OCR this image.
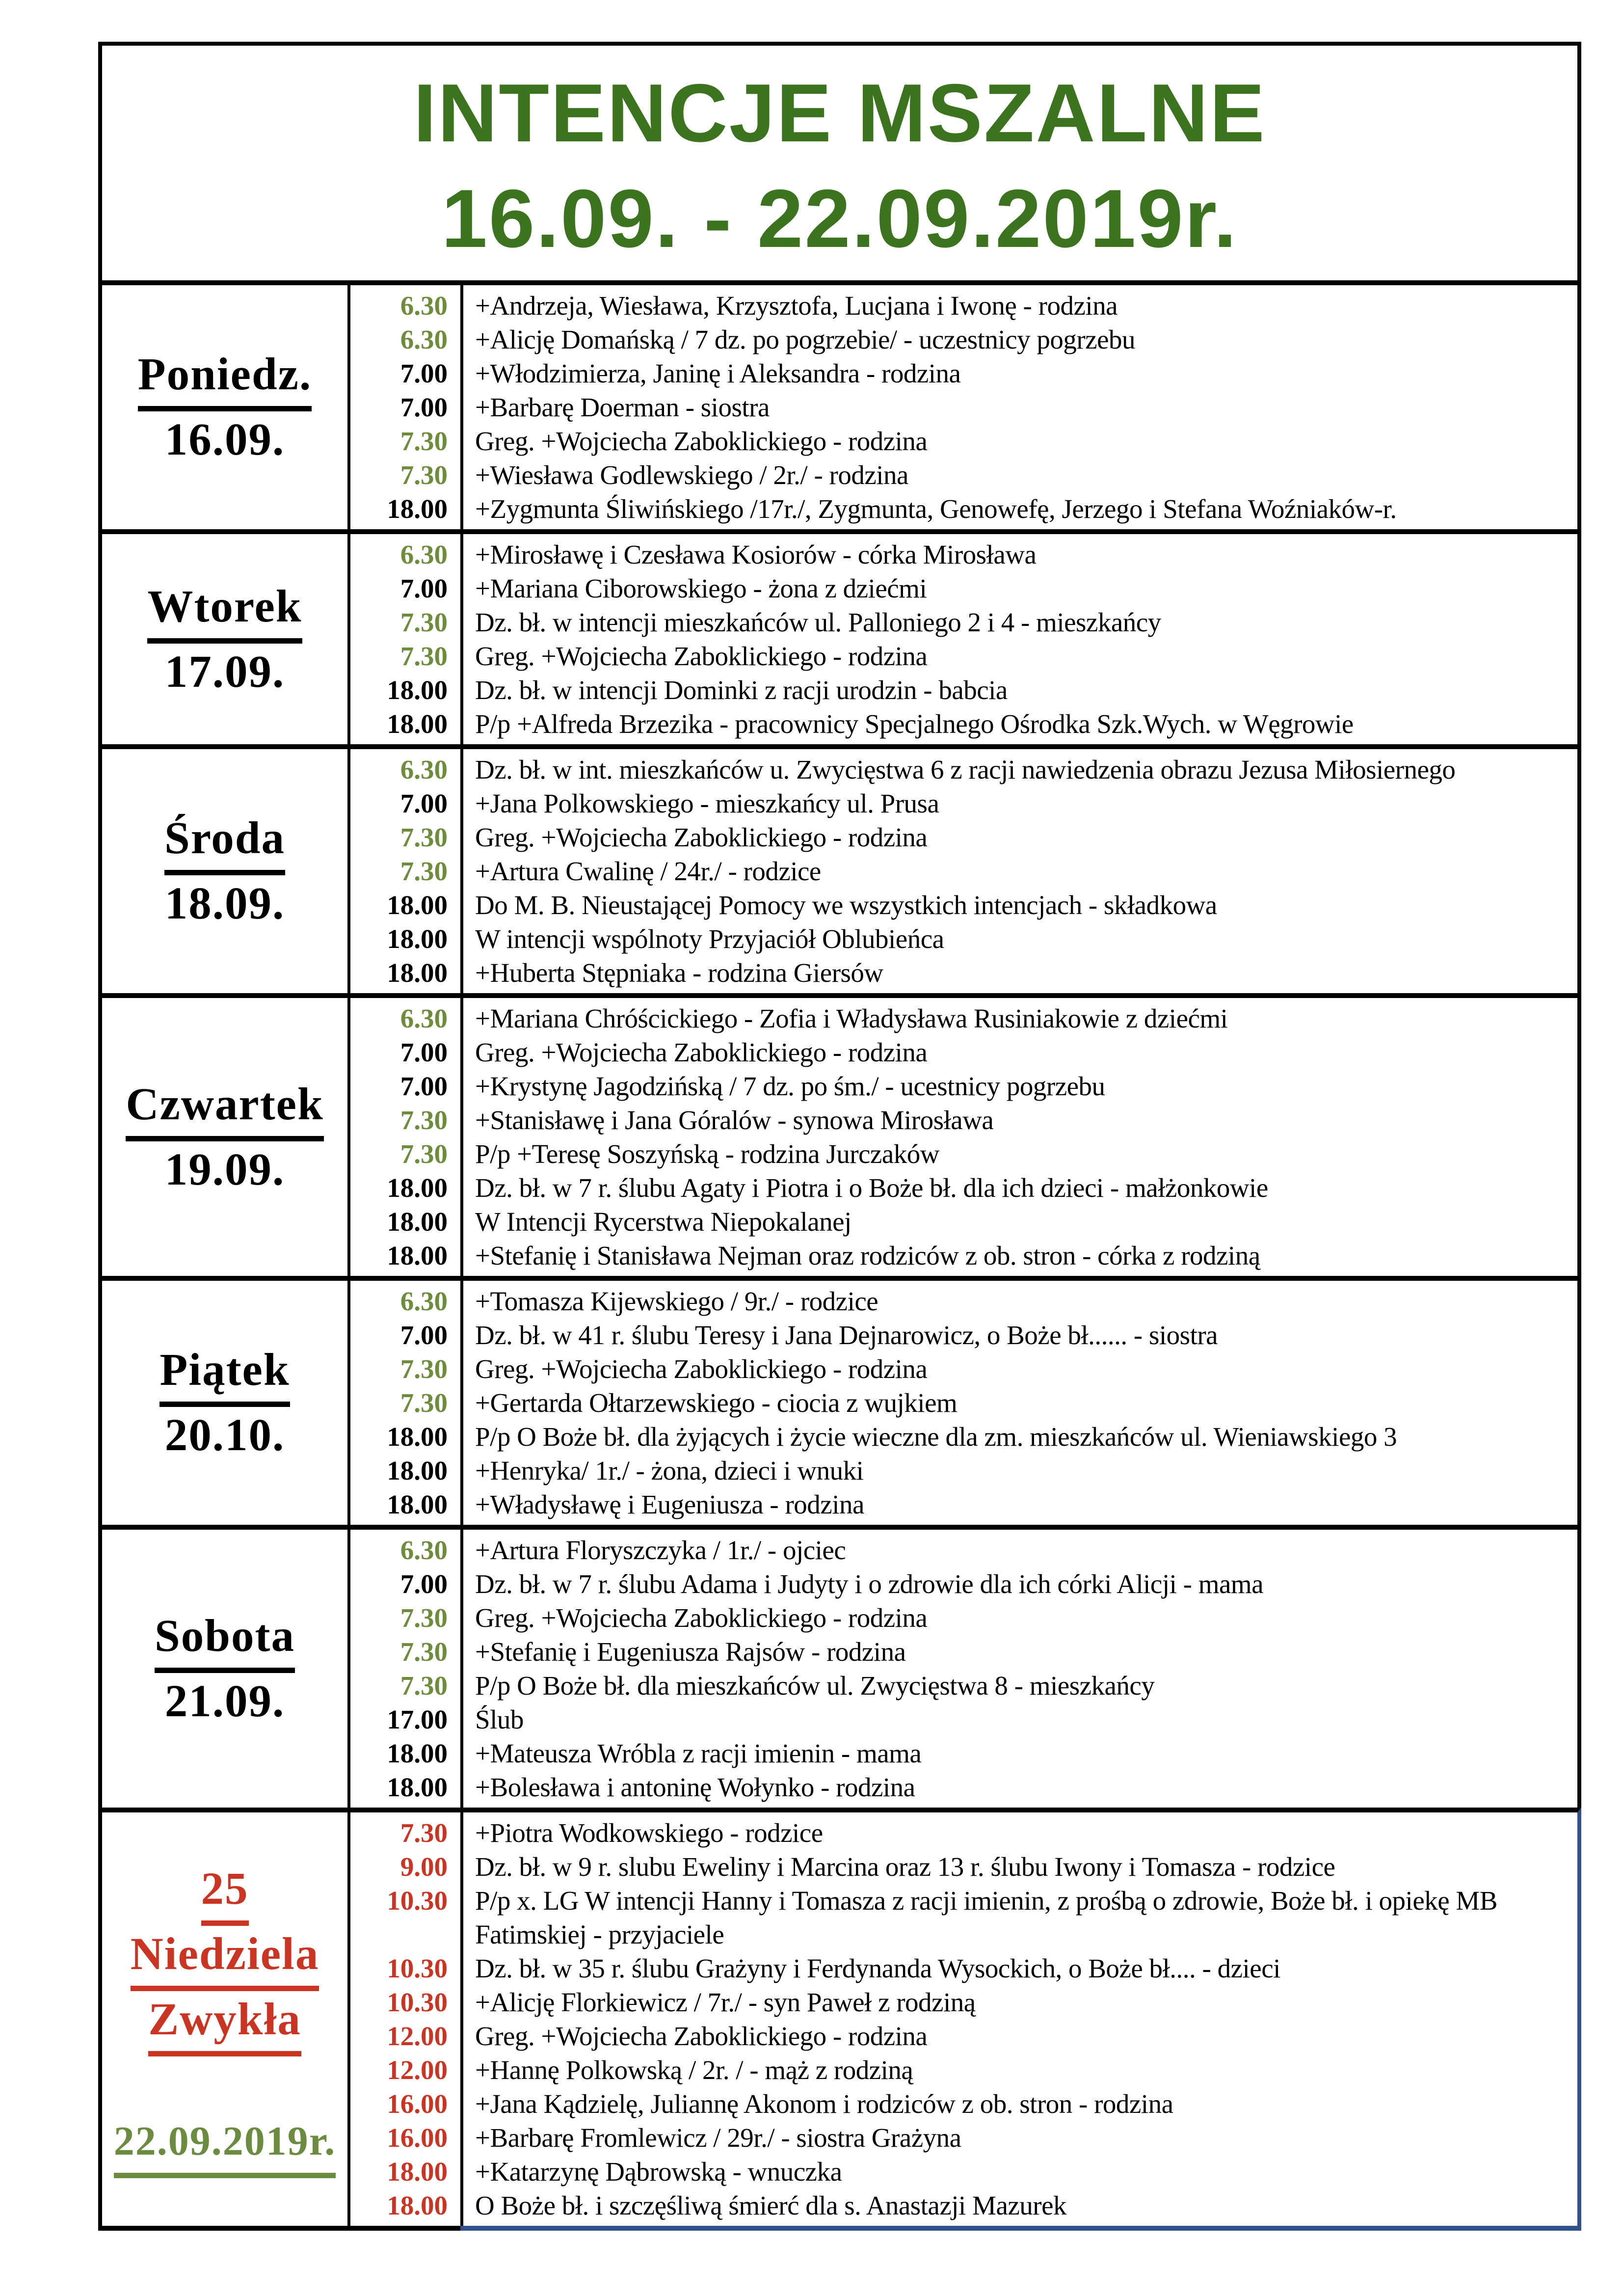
INTENCJE MSZALNE
16.09. - 22.09.2019r.
Poniedz.
16.09.
6.30	+Andrzeja, Wiesława, Krzysztofa, Lucjana i Iwonę - rodzina
6.30	+Alicję Domańską / 7 dz. po pogrzebie/ - uczestnicy pogrzebu
7.00	+Włodzimierza, Janinę i Aleksandra - rodzina
7.00	+Barbarę Doerman - siostra
7.30	Greg. +Wojciecha Zaboklickiego - rodzina
7.30	+Wiesława Godlewskiego / 2r./ - rodzina
18.00	+Zygmunta Śliwińskiego /17r./, Zygmunta, Genowefę, Jerzego i Stefana Woźniaków-r.
Wtorek
17.09.
6.30	+Mirosławę i Czesława Kosiorów - córka Mirosława
7.00	+Mariana Ciborowskiego - żona z dziećmi
7.30	Dz. bł. w intencji mieszkańców ul. Palloniego 2 i 4 - mieszkańcy
7.30	Greg. +Wojciecha Zaboklickiego - rodzina
18.00	Dz. bł. w intencji Dominki z racji urodzin - babcia
18.00	P/p +Alfreda Brzezika - pracownicy Specjalnego Ośrodka Szk.Wych. w Węgrowie
Środa
18.09.
6.30	Dz. bł. w int. mieszkańców u. Zwycięstwa 6 z racji nawiedzenia obrazu Jezusa Miłosiernego
7.00	+Jana Polkowskiego - mieszkańcy ul. Prusa
7.30	Greg. +Wojciecha Zaboklickiego - rodzina
7.30	+Artura Cwalinę / 24r./ - rodzice
18.00	Do M. B. Nieustającej Pomocy we wszystkich intencjach - składkowa
18.00	W intencji wspólnoty Przyjaciół Oblubieńca
18.00	+Huberta Stępniaka - rodzina Giersów
Czwartek
19.09.
6.30	+Mariana Chróścickiego - Zofia i Władysława Rusiniakowie z dziećmi
7.00	Greg. +Wojciecha Zaboklickiego - rodzina
7.00	+Krystynę Jagodzińską / 7 dz. po śm./ - ucestnicy pogrzebu
7.30	+Stanisławę i Jana Góralów - synowa Mirosława
7.30	P/p +Teresę Soszyńską - rodzina Jurczaków
18.00	Dz. bł. w 7 r. ślubu Agaty i Piotra i o Boże bł. dla ich dzieci - małżonkowie
18.00	W Intencji Rycerstwa Niepokalanej
18.00	+Stefanię i Stanisława Nejman oraz rodziców z ob. stron - córka z rodziną
Piątek
20.10.
6.30	+Tomasza Kijewskiego / 9r./ - rodzice
7.00	Dz. bł. w 41 r. ślubu Teresy i Jana Dejnarowicz, o Boże bł...... - siostra
7.30	Greg. +Wojciecha Zaboklickiego - rodzina
7.30	+Gertarda Ołtarzewskiego - ciocia z wujkiem
18.00	P/p O Boże bł. dla żyjących i życie wieczne dla zm. mieszkańców ul. Wieniawskiego 3
18.00	+Henryka/ 1r./ - żona, dzieci i wnuki
18.00	+Władysławę i Eugeniusza - rodzina
Sobota
21.09.
6.30	+Artura Floryszczyka / 1r./ - ojciec
7.00	Dz. bł. w 7 r. ślubu Adama i Judyty i o zdrowie dla ich córki Alicji - mama
7.30	Greg. +Wojciecha Zaboklickiego - rodzina
7.30	+Stefanię i Eugeniusza Rajsów - rodzina
7.30	P/p O Boże bł. dla mieszkańców ul. Zwycięstwa 8 - mieszkańcy
17.00	Ślub
18.00	+Mateusza Wróbla z racji imienin - mama
18.00	+Bolesława i antoninę Wołynko - rodzina
25
Niedziela
Zwykła
22.09.2019r.
7.30	+Piotra Wodkowskiego - rodzice
9.00	Dz. bł. w 9 r. slubu Eweliny i Marcina oraz 13 r. ślubu Iwony i Tomasza - rodzice
10.30	P/p x. LG W intencji Hanny i Tomasza z racji imienin, z prośbą o zdrowie, Boże bł. i opiekę MB Fatimskiej - przyjaciele
10.30	Dz. bł. w 35 r. ślubu Grażyny i Ferdynanda Wysockich, o Boże bł.... - dzieci
10.30	+Alicję Florkiewicz / 7r./ - syn Paweł z rodziną
12.00	Greg. +Wojciecha Zaboklickiego - rodzina
12.00	+Hannę Polkowską / 2r. / - mąż z rodziną
16.00	+Jana Kądzielę, Juliannę Akonom i rodziców z ob. stron - rodzina
16.00	+Barbarę Fromlewicz / 29r./ - siostra Grażyna
18.00	+Katarzynę Dąbrowską - wnuczka
18.00	O Boże bł. i szczęśliwą śmierć dla s. Anastazji Mazurek
